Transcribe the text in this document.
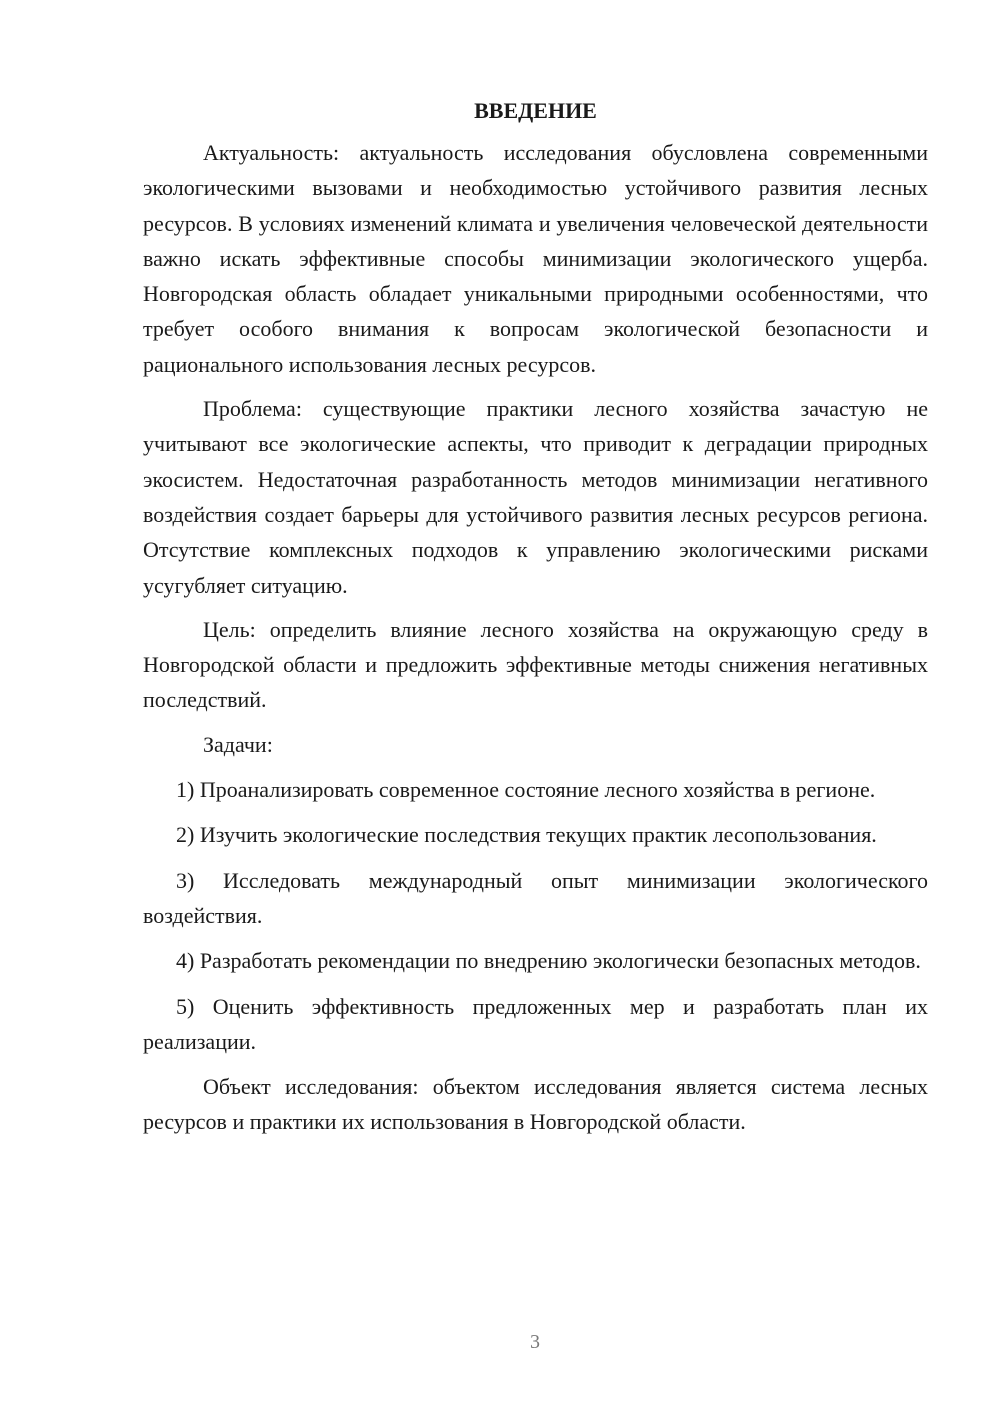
ВВЕДЕНИЕ

Актуальность: актуальность исследования обусловлена современными экологическими вызовами и необходимостью устойчивого развития лесных ресурсов. В условиях изменений климата и увеличения человеческой деятельности важно искать эффективные способы минимизации экологического ущерба. Новгородская область обладает уникальными природными особенностями, что требует особого внимания к вопросам экологической безопасности и рационального использования лесных ресурсов.

Проблема: существующие практики лесного хозяйства зачастую не учитывают все экологические аспекты, что приводит к деградации природных экосистем. Недостаточная разработанность методов минимизации негативного воздействия создает барьеры для устойчивого развития лесных ресурсов региона. Отсутствие комплексных подходов к управлению экологическими рисками усугубляет ситуацию.

Цель: определить влияние лесного хозяйства на окружающую среду в Новгородской области и предложить эффективные методы снижения негативных последствий.

Задачи:

1) Проанализировать современное состояние лесного хозяйства в регионе.

2) Изучить экологические последствия текущих практик лесопользования.

3) Исследовать международный опыт минимизации экологического воздействия.

4) Разработать рекомендации по внедрению экологически безопасных методов.

5) Оценить эффективность предложенных мер и разработать план их реализации.

Объект исследования: объектом исследования является система лесных ресурсов и практики их использования в Новгородской области.

3
